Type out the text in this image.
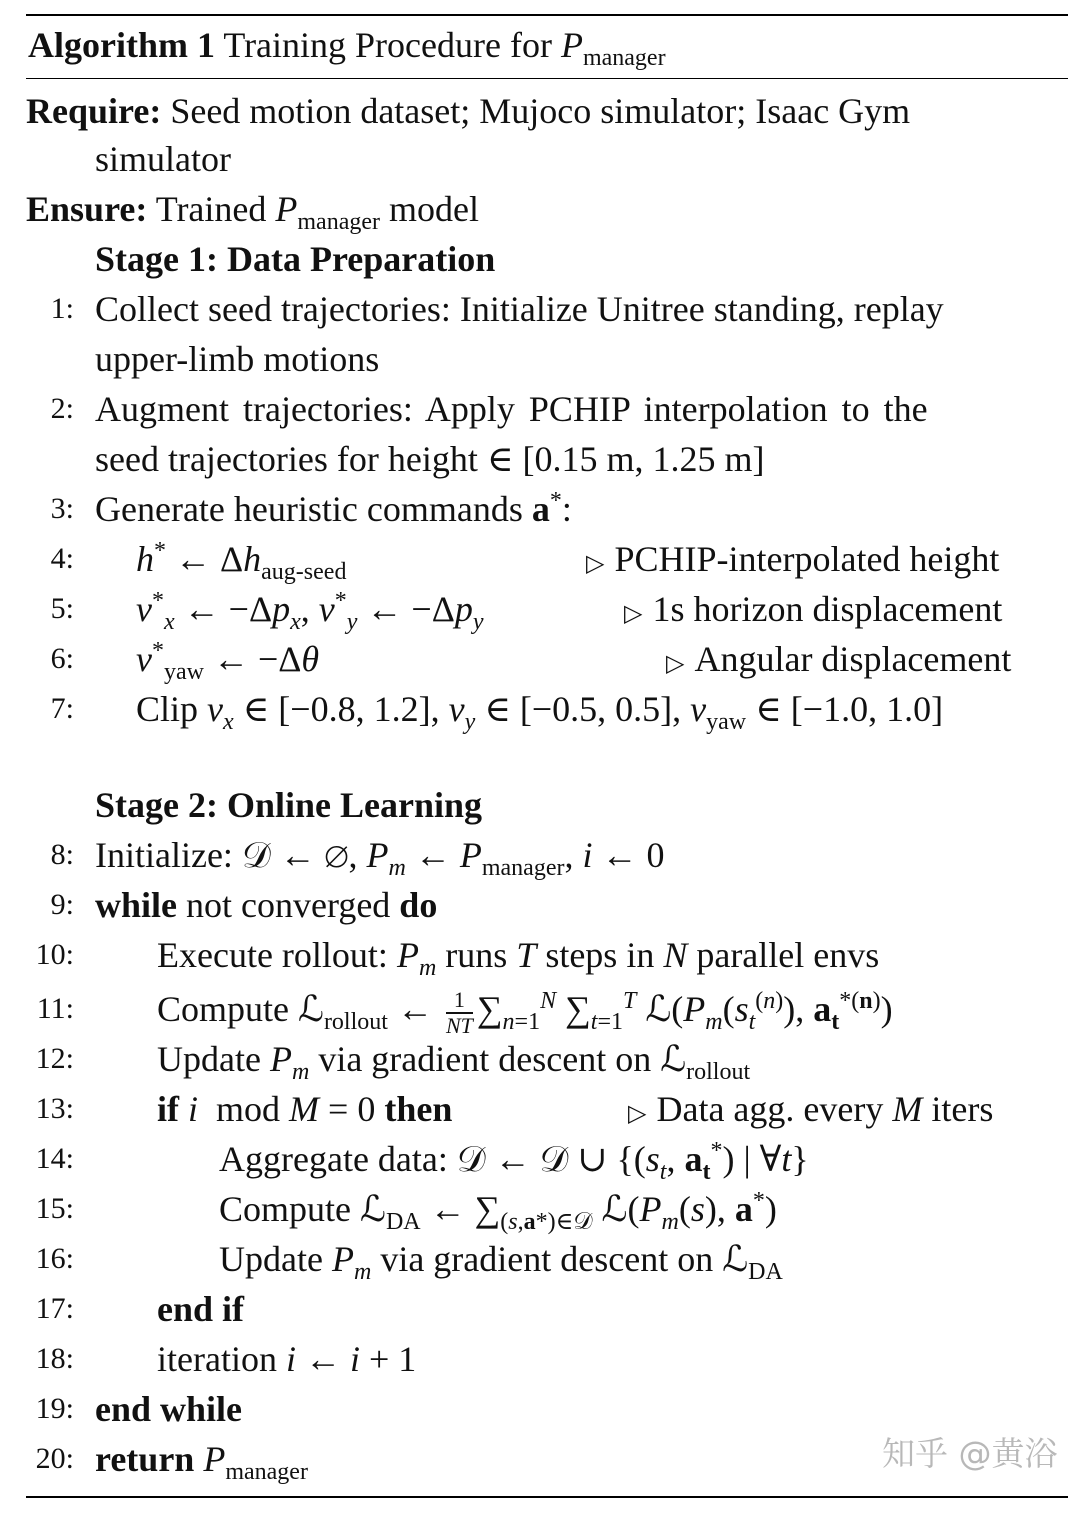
Algorithm 1 Training Procedure for $P_{manager}$
Require: Seed motion dataset; Mujoco simulator; Isaac Gym
simulator
Ensure: Trained $P_{manager}$ model
Stage 1: Data Preparation
1: Collect seed trajectories: Initialize Unitree standing, replay
upper-limb motions
2: Augment trajectories: Apply PCHIP interpolation to the
seed trajectories for height ∈ [0.15 m, 1.25 m]
3: Generate heuristic commands a*:
4: h* ← $\Delta h_{aug-seed}$	▷ PCHIP-interpolated height
5: $v^*_x$ ← $-\Delta p_x$, $v^*_y$ ← $-\Delta p_y$	▷ 1s horizon displacement
6: $v^*_{yaw}$ ← −Δθ	▷ Angular displacement
7: Clip $v_x$ ∈ [−0.8, 1.2], $v_y$ ∈ [−0.5, 0.5], $v_{yaw}$ ∈ [−1.0, 1.0]
Stage 2: Online Learning
8: Initialize: 𝒟 ← ∅, $P_m$ ← $P_{manager}$, i ← 0
9: while not converged do
10: Execute rollout: $P_m$ runs T steps in N parallel envs
11: Compute ℒ$_{rollout}$ ← $\frac{1}{NT} \sum_{n=1}^N$ $\sum_{t=1}^T$ $ℒ(P_m(s_t^{(n)})$, $a_t^{*(n)}$)
12: Update $P_m$ via gradient descent on ℒ$_{rollout}$
13: if i mod M = 0 then	▷ Data agg. every M iters
14:	Aggregate data: 𝒟 ← 𝒟 ∪ {($s_t$, $a_t^*$) | ∀t}
15:	Compute ℒ$_{DA}$ ← $\sum_{(s,a*)\in 𝒟}$ $ℒ(P_m(s)$, a*)
16:	Update $P_m$ via gradient descent on ℒ$_{DA}$
17: end if
18: iteration i ← i + 1
19: end while
20: return $P_{manager}$	知乎 @黄浴
